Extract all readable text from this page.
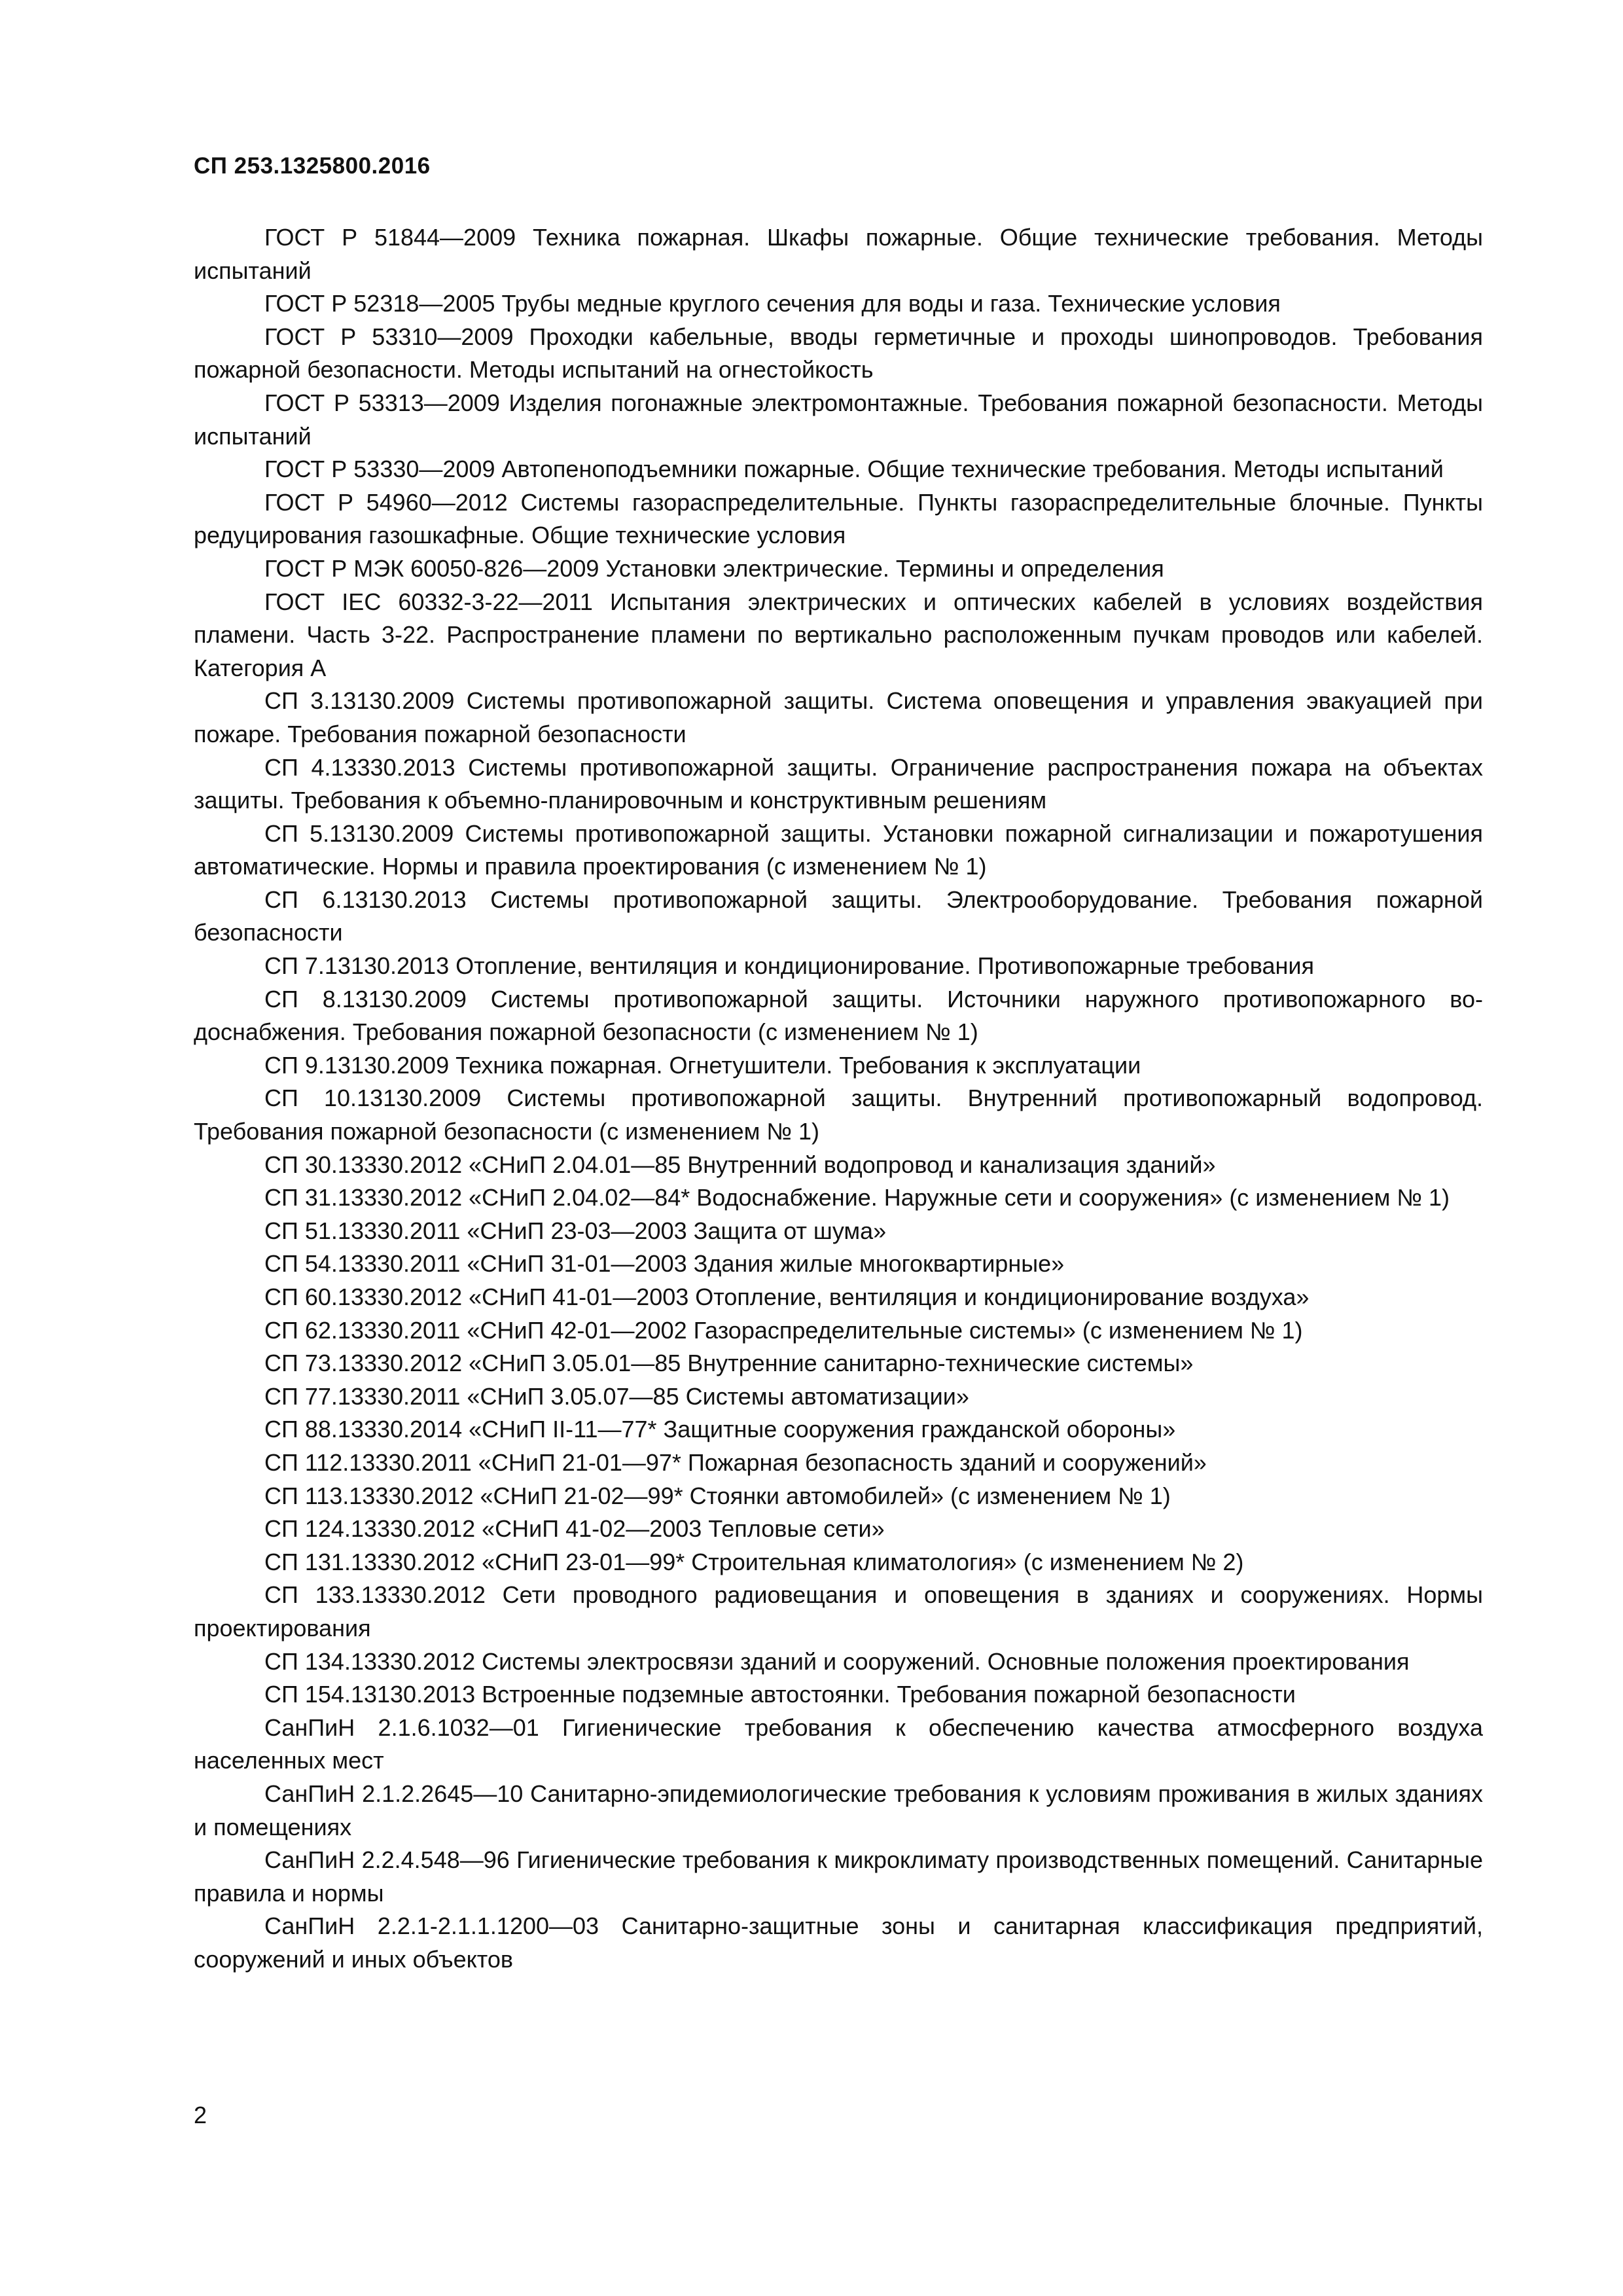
СП 253.1325800.2016
ГОСТ Р 51844—2009 Техника пожарная. Шкафы пожарные. Общие технические требования. Методы испытаний
ГОСТ Р 52318—2005 Трубы медные круглого сечения для воды и газа. Технические условия
ГОСТ Р 53310—2009 Проходки кабельные, вводы герметичные и проходы шинопроводов. Требования пожарной безопасности. Методы испытаний на огнестойкость
ГОСТ Р 53313—2009 Изделия погонажные электромонтажные. Требования пожарной безопасности. Методы испытаний
ГОСТ Р 53330—2009 Автопеноподъемники пожарные. Общие технические требования. Методы испытаний
ГОСТ Р 54960—2012 Системы газораспределительные. Пункты газораспределительные блочные. Пункты редуцирования газошкафные. Общие технические условия
ГОСТ Р МЭК 60050-826—2009 Установки электрические. Термины и определения
ГОСТ IEC 60332-3-22—2011 Испытания электрических и оптических кабелей в условиях воздействия пламени. Часть 3-22. Распространение пламени по вертикально расположенным пучкам проводов или кабелей. Категория А
СП 3.13130.2009 Системы противопожарной защиты. Система оповещения и управления эвакуацией при пожаре. Требования пожарной безопасности
СП 4.13330.2013 Системы противопожарной защиты. Ограничение распространения пожара на объектах защиты. Требования к объемно-планировочным и конструктивным решениям
СП 5.13130.2009 Системы противопожарной защиты. Установки пожарной сигнализации и пожаротушения автоматические. Нормы и правила проектирования (с изменением № 1)
СП 6.13130.2013 Системы противопожарной защиты. Электрооборудование. Требования пожарной безопасности
СП 7.13130.2013 Отопление, вентиляция и кондиционирование. Противопожарные требования
СП 8.13130.2009 Системы противопожарной защиты. Источники наружного противопожарного водоснабжения. Требования пожарной безопасности (с изменением № 1)
СП 9.13130.2009 Техника пожарная. Огнетушители. Требования к эксплуатации
СП 10.13130.2009 Системы противопожарной защиты. Внутренний противопожарный водопровод. Требования пожарной безопасности (с изменением № 1)
СП 30.13330.2012 «СНиП 2.04.01—85 Внутренний водопровод и канализация зданий»
СП 31.13330.2012 «СНиП 2.04.02—84* Водоснабжение. Наружные сети и сооружения» (с изменением № 1)
СП 51.13330.2011 «СНиП 23-03—2003 Защита от шума»
СП 54.13330.2011 «СНиП 31-01—2003 Здания жилые многоквартирные»
СП 60.13330.2012 «СНиП 41-01—2003 Отопление, вентиляция и кондиционирование воздуха»
СП 62.13330.2011 «СНиП 42-01—2002 Газораспределительные системы» (с изменением № 1)
СП 73.13330.2012 «СНиП 3.05.01—85 Внутренние санитарно-технические системы»
СП 77.13330.2011 «СНиП 3.05.07—85 Системы автоматизации»
СП 88.13330.2014 «СНиП II-11—77* Защитные сооружения гражданской обороны»
СП 112.13330.2011 «СНиП 21-01—97* Пожарная безопасность зданий и сооружений»
СП 113.13330.2012 «СНиП 21-02—99* Стоянки автомобилей» (с изменением № 1)
СП 124.13330.2012 «СНиП 41-02—2003 Тепловые сети»
СП 131.13330.2012 «СНиП 23-01—99* Строительная климатология» (с изменением № 2)
СП 133.13330.2012 Сети проводного радиовещания и оповещения в зданиях и сооружениях. Нормы проектирования
СП 134.13330.2012 Системы электросвязи зданий и сооружений. Основные положения проектирования
СП 154.13130.2013 Встроенные подземные автостоянки. Требования пожарной безопасности
СанПиН 2.1.6.1032—01 Гигиенические требования к обеспечению качества атмосферного воздуха населенных мест
СанПиН 2.1.2.2645—10 Санитарно-эпидемиологические требования к условиям проживания в жилых зданиях и помещениях
СанПиН 2.2.4.548—96 Гигиенические требования к микроклимату производственных помещений. Санитарные правила и нормы
СанПиН 2.2.1-2.1.1.1200—03 Санитарно-защитные зоны и санитарная классификация предприятий, сооружений и иных объектов
2
